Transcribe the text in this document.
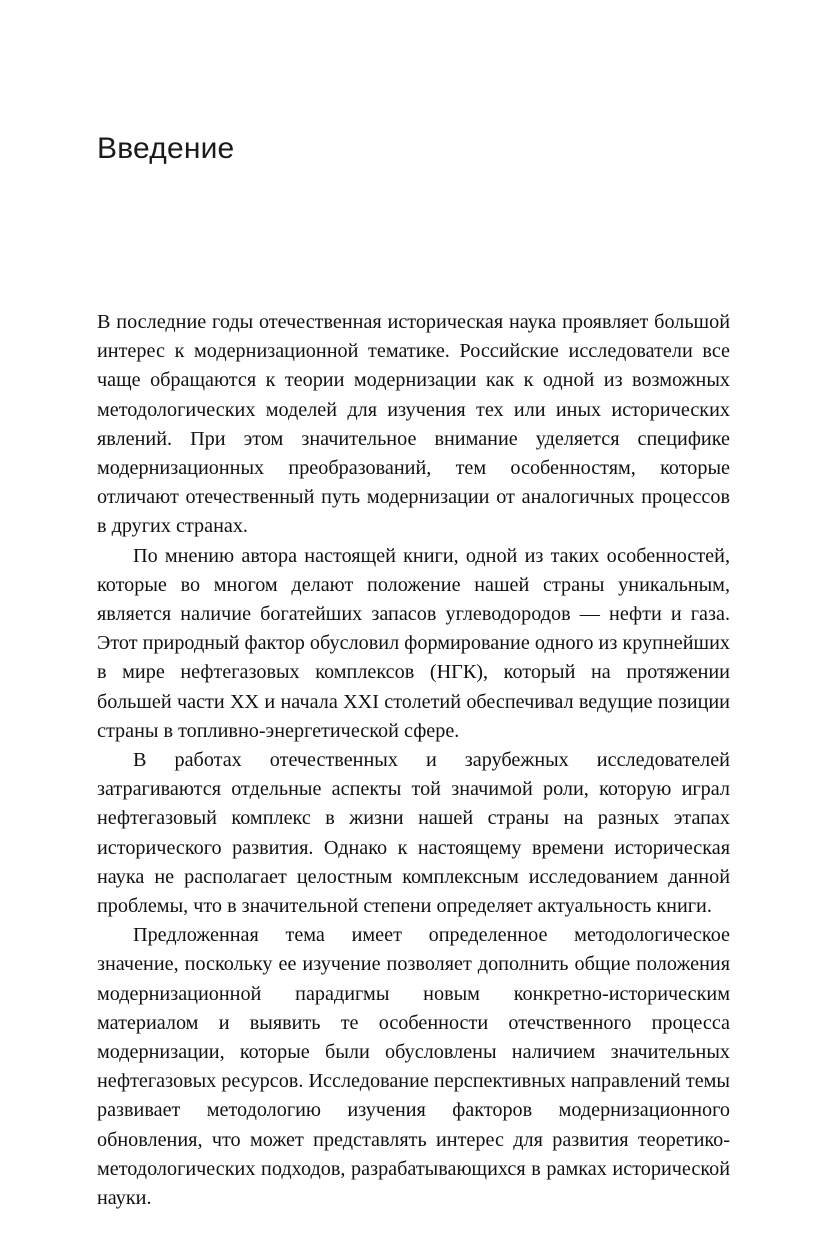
Введение

В последние годы отечественная историческая наука проявляет большой интерес к модернизационной тематике. Российские исследователи все чаще обращаются к теории модернизации как к одной из возможных методологических моделей для изучения тех или иных исторических явлений. При этом значительное внимание уделяется специфике модернизационных преобразований, тем особенностям, которые отличают отечественный путь модернизации от аналогичных процессов в других странах.

По мнению автора настоящей книги, одной из таких особенностей, которые во многом делают положение нашей страны уникальным, является наличие богатейших запасов углеводородов — нефти и газа. Этот природный фактор обусловил формирование одного из крупнейших в мире нефтегазовых комплексов (НГК), который на протяжении большей части XX и начала XXI столетий обеспечивал ведущие позиции страны в топливно-энергетической сфере.

В работах отечественных и зарубежных исследователей затрагиваются отдельные аспекты той значимой роли, которую играл нефтегазовый комплекс в жизни нашей страны на разных этапах исторического развития. Однако к настоящему времени историческая наука не располагает целостным комплексным исследованием данной проблемы, что в значительной степени определяет актуальность книги.

Предложенная тема имеет определенное методологическое значение, поскольку ее изучение позволяет дополнить общие положения модернизационной парадигмы новым конкретно-историческим материалом и выявить те особенности отечственного процесса модернизации, которые были обусловлены наличием значительных нефтегазовых ресурсов. Исследование перспективных направлений темы развивает методологию изучения факторов модернизационного обновления, что может представлять интерес для развития теоретико-методологических подходов, разрабатывающихся в рамках исторической науки.
